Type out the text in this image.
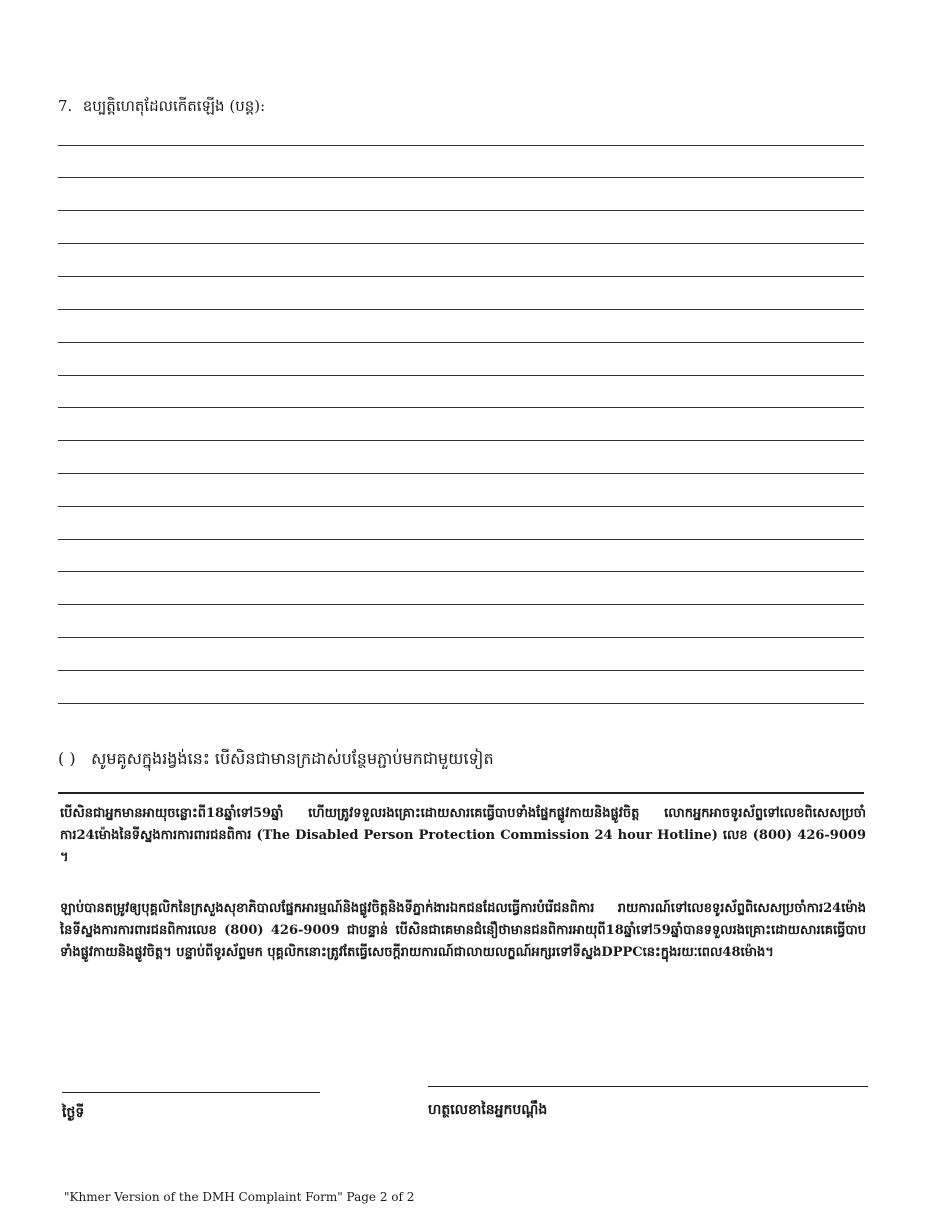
7. ឧប្បត្តិហេតុដែលកើតឡើង (បន្ត):
( ) សូមគូសក្នុងរង្វង់នេះ បើសិនជាមានក្រដាស់បន្ថែមភ្ជាប់មកជាមួយទៀត
បើសិនជាអ្នកមានអាយុចន្លោះពី18ឆ្នាំទៅ59ឆ្នាំ ហើយត្រូវទទួលរងគ្រោះដោយសារគេធ្វើបាបទាំងផ្នែកផ្លូវកាយនិងផ្លូវចិត្ត លោកអ្នកអាចទូរស័ព្ទទៅលេខពិសេសប្រចាំការ24ម៉ោងនៃទីស្នងការការពារជនពិការ (The Disabled Person Protection Commission 24 hour Hotline) លេខ (800) 426-9009 ។
ឡាប់បានតម្រូវឲ្យបុគ្គលិកនៃក្រសួងសុខាភិបាលផ្នែកអារម្មណ៍និងផ្លូវចិត្តនិងទីភ្នាក់ងារឯកជនដែលធ្វើការបំរើជនពិការ រាយការណ៍ទៅលេខទូរស័ព្ទពិសេសប្រចាំការ24ម៉ោងនៃទីស្នងការការពារជនពិការលេខ (800) 426-9009 ជាបន្ទាន់ បើសិនជាគេមានជំនឿថាមានជនពិការអាយុពី18ឆ្នាំទៅ59ឆ្នាំបានទទួលរងគ្រោះដោយសារគេធ្វើបាបទាំងផ្លូវកាយនិងផ្លូវចិត្ត។ បន្ទាប់ពីទូរស័ព្ទមក បុគ្គលិកនោះត្រូវតែធ្វើសេចក្តីរាយការណ៍ជាលាយលក្ខណ៍អក្សរទៅទីស្នងDPPCនេះក្នុងរយៈពេល48ម៉ោង។
ថ្ងៃទី	ហត្ថលេខានៃអ្នកបណ្តឹង
"Khmer Version of the DMH Complaint Form" Page 2 of 2
